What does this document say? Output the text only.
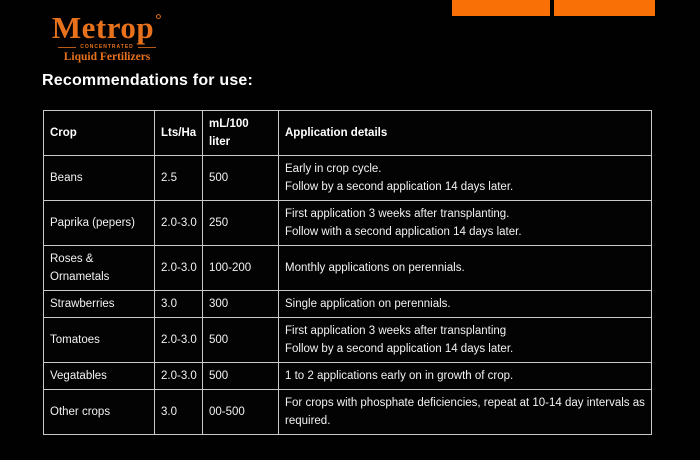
Metrop°
CONCENTRATED
Liquid Fertilizers
Recommendations for use:
Crop	Lts/Ha	mL/100 liter	Application details
Beans	2.5	500	Early in crop cycle.
Follow by a second application 14 days later.

Paprika (pepers)	2.0-3.0	250	First application 3 weeks after transplanting.
Follow with a second application 14 days later.

Roses & Ornametals	2.0-3.0	100-200	Monthly applications on perennials.

Strawberries	3.0	300	Single application on perennials.

Tomatoes	2.0-3.0	500	First application 3 weeks after transplanting
Follow by a second application 14 days later.

Vegatables	2.0-3.0	500	1 to 2 applications early on in growth of crop.

Other crops	3.0	00-500	For crops with phosphate deficiencies, repeat at 10-14 day intervals as
required.
